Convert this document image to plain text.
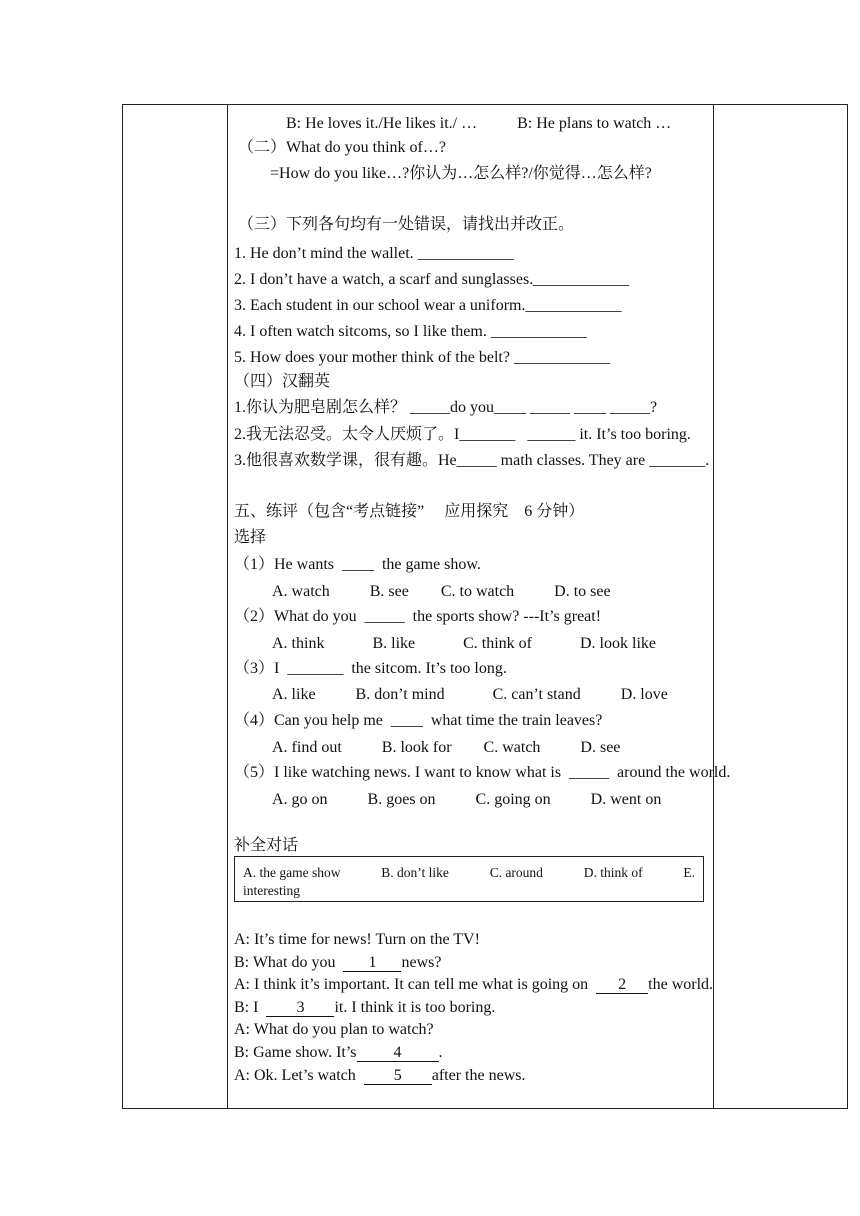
B: He loves it./He likes it./ …          B: He plans to watch …
（二）What do you think of…?
=How do you like…?你认为…怎么样?/你觉得…怎么样?
（三）下列各句均有一处错误，请找出并改正。
1. He don’t mind the wallet. ____________
2. I don’t have a watch, a scarf and sunglasses.____________
3. Each student in our school wear a uniform.____________
4. I often watch sitcoms, so I like them. ____________
5. How does your mother think of the belt? ____________
（四）汉翻英
1.你认为肥皂剧怎么样？ _____do you____ _____ ____ _____?
2.我无法忍受。太令人厌烦了。I_______   ______ it. It’s too boring.
3.他很喜欢数学课，很有趣。He_____ math classes. They are _______.
五、练评（包含“考点链接”     应用探究    6 分钟）
选择
（1）He wants  ____  the game show.
A. watch          B. see        C. to watch          D. to see
（2）What do you  _____  the sports show? ---It’s great!
A. think            B. like            C. think of            D. look like
（3）I  _______  the sitcom. It’s too long.
A. like          B. don’t mind            C. can’t stand          D. love
（4）Can you help me  ____  what time the train leaves?
A. find out          B. look for        C. watch          D. see
（5）I like watching news. I want to know what is  _____  around the world.
A. go on          B. goes on          C. going on          D. went on
补全对话
A. the game show	B. don’t like	C. around	D. think of	E.
interesting
A: It’s time for news! Turn on the TV!
B: What do you  1 news?
A: I think it’s important. It can tell me what is going on  2 the world.
B: I  3 it. I think it is too boring.
A: What do you plan to watch?
B: Game show. It’s 4 .
A: Ok. Let’s watch  5 after the news.
